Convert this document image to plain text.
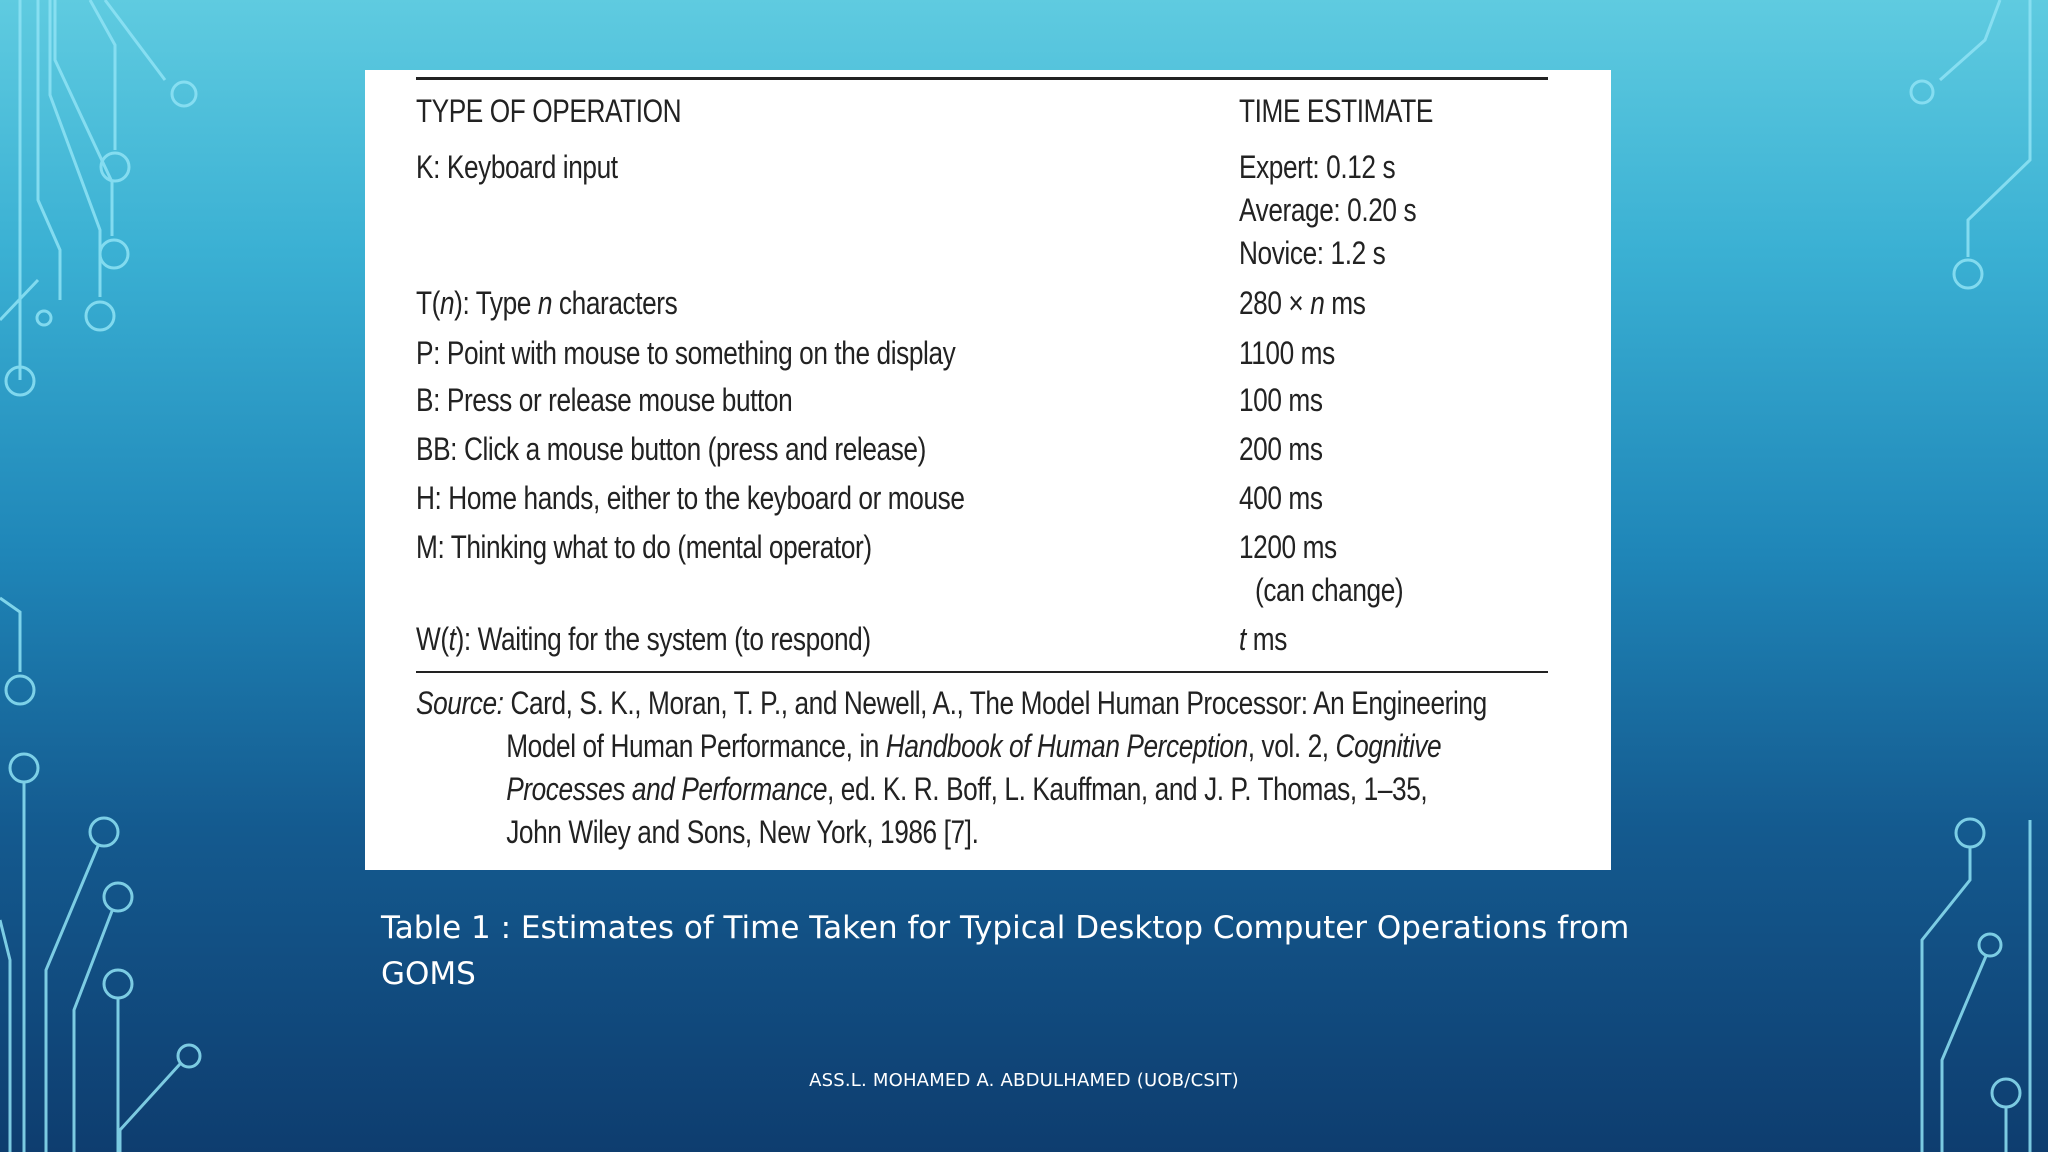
TYPE OF OPERATION	TIME ESTIMATE
K: Keyboard input	Expert: 0.12 s
Average: 0.20 s
Novice: 1.2 s
T(n): Type n characters	280 × n ms
P: Point with mouse to something on the display	1100 ms
B: Press or release mouse button	100 ms
BB: Click a mouse button (press and release)	200 ms
H: Home hands, either to the keyboard or mouse	400 ms
M: Thinking what to do (mental operator)	1200 ms
(can change)
W(t): Waiting for the system (to respond)	t ms
Source: Card, S. K., Moran, T. P., and Newell, A., The Model Human Processor: An Engineering
Model of Human Performance, in Handbook of Human Perception, vol. 2, Cognitive
Processes and Performance, ed. K. R. Boff, L. Kauffman, and J. P. Thomas, 1–35,
John Wiley and Sons, New York, 1986 [7].
Table 1 : Estimates of Time Taken for Typical Desktop Computer Operations from GOMS
ASS.L. MOHAMED A. ABDULHAMED (UOB/CSIT)
